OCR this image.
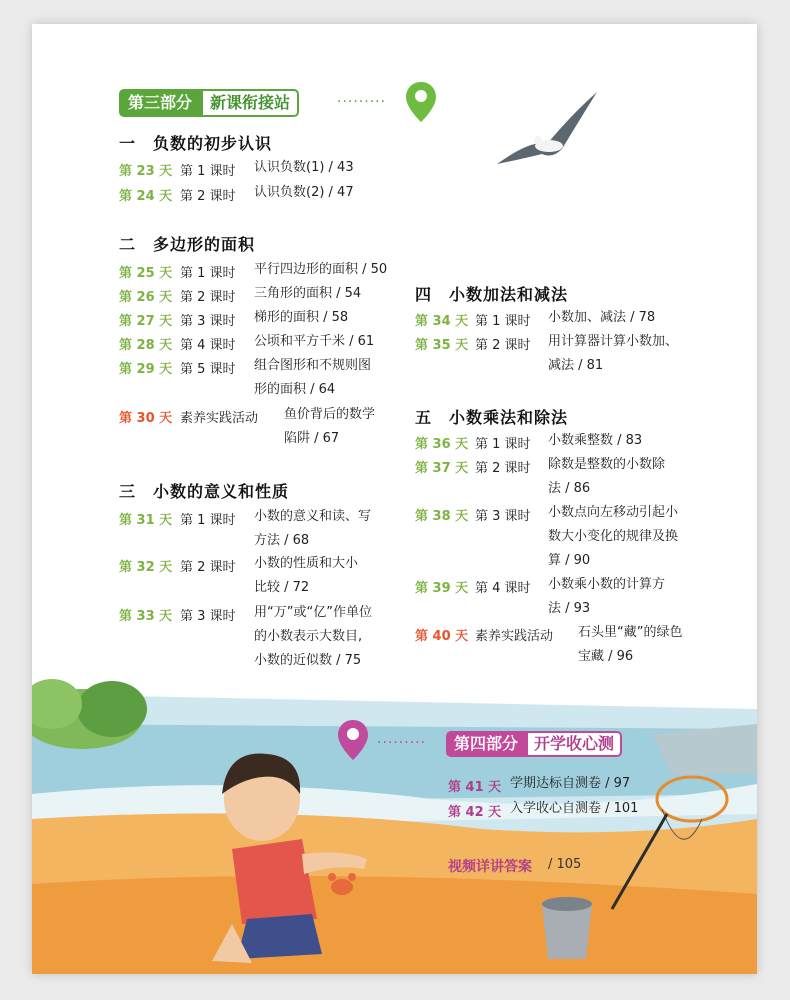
第三部分	新课衔接站	·········
一 负数的初步认识
第 23 天 第 1 课时 认识负数(1) / 43
第 24 天 第 2 课时 认识负数(2) / 47
二 多边形的面积
第 25 天 第 1 课时 平行四边形的面积 / 50
第 26 天 第 2 课时 三角形的面积 / 54
第 27 天 第 3 课时 梯形的面积 / 58
第 28 天 第 4 课时 公顷和平方千米 / 61
第 29 天 第 5 课时 组合图形和不规则图
形的面积 / 64
第 30 天 素养实践活动 鱼价背后的数学
陷阱 / 67
三 小数的意义和性质
第 31 天 第 1 课时 小数的意义和读、写
方法 / 68
第 32 天 第 2 课时 小数的性质和大小
比较 / 72
第 33 天 第 3 课时 用“万”或“亿”作单位
的小数表示大数目,
小数的近似数 / 75
四 小数加法和减法
第 34 天 第 1 课时 小数加、减法 / 78
第 35 天 第 2 课时 用计算器计算小数加、
减法 / 81
五 小数乘法和除法
第 36 天 第 1 课时 小数乘整数 / 83
第 37 天 第 2 课时 除数是整数的小数除
法 / 86
第 38 天 第 3 课时 小数点向左移动引起小
数大小变化的规律及换
算 / 90
第 39 天 第 4 课时 小数乘小数的计算方
法 / 93
第 40 天 素养实践活动 石头里“藏”的绿色
宝藏 / 96
·········	第四部分	开学收心测
第 41 天 学期达标自测卷 / 97
第 42 天 入学收心自测卷 / 101
视频详讲答案 / 105
